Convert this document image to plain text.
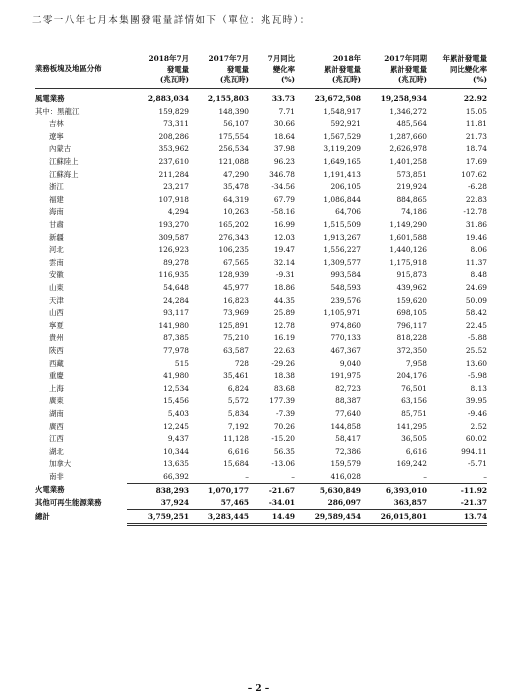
二零一八年七月本集團發電量詳情如下（單位：兆瓦時）：
業務板塊及地區分佈	2018年7月	2017年7月	7月同比	2018年	2017年同期	年累計發電量
	發電量	發電量	變化率	累計發電量	累計發電量	同比變化率
	(兆瓦時)	(兆瓦時)	(%)	(兆瓦時)	(兆瓦時)	(%)

風電業務	2,883,034	2,155,803	33.73	23,672,508	19,258,934	22.92
其中：黑龍江	159,829	148,390	7.71	1,548,917	1,346,272	15.05
吉林	73,311	56,107	30.66	592,921	485,564	11.81
遼寧	208,286	175,554	18.64	1,567,529	1,287,660	21.73
內蒙古	353,962	256,534	37.98	3,119,209	2,626,978	18.74
江蘇陸上	237,610	121,088	96.23	1,649,165	1,401,258	17.69
江蘇海上	211,284	47,290	346.78	1,191,413	573,851	107.62
浙江	23,217	35,478	-34.56	206,105	219,924	-6.28
福建	107,918	64,319	67.79	1,086,844	884,865	22.83
海南	4,294	10,263	-58.16	64,706	74,186	-12.78
甘肅	193,270	165,202	16.99	1,515,509	1,149,290	31.86
新疆	309,587	276,343	12.03	1,913,267	1,601,588	19.46
河北	126,923	106,235	19.47	1,556,227	1,440,126	8.06
雲南	89,278	67,565	32.14	1,309,577	1,175,918	11.37
安徽	116,935	128,939	-9.31	993,584	915,873	8.48
山東	54,648	45,977	18.86	548,593	439,962	24.69
天津	24,284	16,823	44.35	239,576	159,620	50.09
山西	93,117	73,969	25.89	1,105,971	698,105	58.42
寧夏	141,980	125,891	12.78	974,860	796,117	22.45
貴州	87,385	75,210	16.19	770,133	818,228	-5.88
陝西	77,978	63,587	22.63	467,367	372,350	25.52
西藏	515	728	-29.26	9,040	7,958	13.60
重慶	41,980	35,461	18.38	191,975	204,176	-5.98
上海	12,534	6,824	83.68	82,723	76,501	8.13
廣東	15,456	5,572	177.39	88,387	63,156	39.95
湖南	5,403	5,834	-7.39	77,640	85,751	-9.46
廣西	12,245	7,192	70.26	144,858	141,295	2.52
江西	9,437	11,128	-15.20	58,417	36,505	60.02
湖北	10,344	6,616	56.35	72,386	6,616	994.11
加拿大	13,635	15,684	-13.06	159,579	169,242	-5.71
南非	66,392	–	–	416,028	–	–
火電業務	838,293	1,070,177	-21.67	5,630,849	6,393,010	-11.92
其他可再生能源業務	37,924	57,465	-34.01	286,097	363,857	-21.37
總計	3,759,251	3,283,445	14.49	29,589,454	26,015,801	13.74
– 2 –
